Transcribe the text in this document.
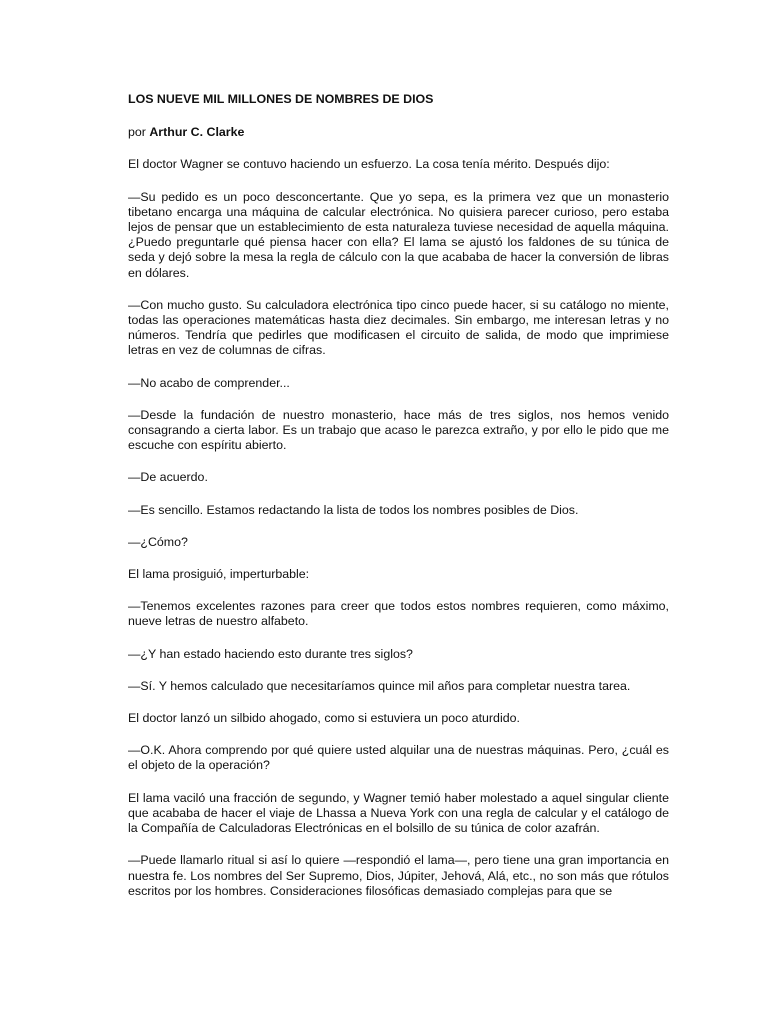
LOS NUEVE MIL MILLONES DE NOMBRES DE DIOS
por Arthur C. Clarke

El doctor Wagner se contuvo haciendo un esfuerzo. La cosa tenía mérito. Después dijo:

—Su pedido es un poco desconcertante. Que yo sepa, es la primera vez que un monasterio tibetano encarga una máquina de calcular electrónica. No quisiera parecer curioso, pero estaba lejos de pensar que un establecimiento de esta naturaleza tuviese necesidad de aquella máquina. ¿Puedo preguntarle qué piensa hacer con ella? El lama se ajustó los faldones de su túnica de seda y dejó sobre la mesa la regla de cálculo con la que acababa de hacer la conversión de libras en dólares.

—Con mucho gusto. Su calculadora electrónica tipo cinco puede hacer, si su catálogo no miente, todas las operaciones matemáticas hasta diez decimales. Sin embargo, me interesan letras y no números. Tendría que pedirles que modificasen el circuito de salida, de modo que imprimiese letras en vez de columnas de cifras.

—No acabo de comprender...

—Desde la fundación de nuestro monasterio, hace más de tres siglos, nos hemos venido consagrando a cierta labor. Es un trabajo que acaso le parezca extraño, y por ello le pido que me escuche con espíritu abierto.

—De acuerdo.

—Es sencillo. Estamos redactando la lista de todos los nombres posibles de Dios.

—¿Cómo?

El lama prosiguió, imperturbable:

—Tenemos excelentes razones para creer que todos estos nombres requieren, como máximo, nueve letras de nuestro alfabeto.

—¿Y han estado haciendo esto durante tres siglos?

—Sí. Y hemos calculado que necesitaríamos quince mil años para completar nuestra tarea.

El doctor lanzó un silbido ahogado, como si estuviera un poco aturdido.

—O.K. Ahora comprendo por qué quiere usted alquilar una de nuestras máquinas. Pero, ¿cuál es el objeto de la operación?

El lama vaciló una fracción de segundo, y Wagner temió haber molestado a aquel singular cliente que acababa de hacer el viaje de Lhassa a Nueva York con una regla de calcular y el catálogo de la Compañía de Calculadoras Electrónicas en el bolsillo de su túnica de color azafrán.

—Puede llamarlo ritual si así lo quiere —respondió el lama—, pero tiene una gran importancia en nuestra fe. Los nombres del Ser Supremo, Dios, Júpiter, Jehová, Alá, etc., no son más que rótulos escritos por los hombres. Consideraciones filosóficas demasiado complejas para que se
